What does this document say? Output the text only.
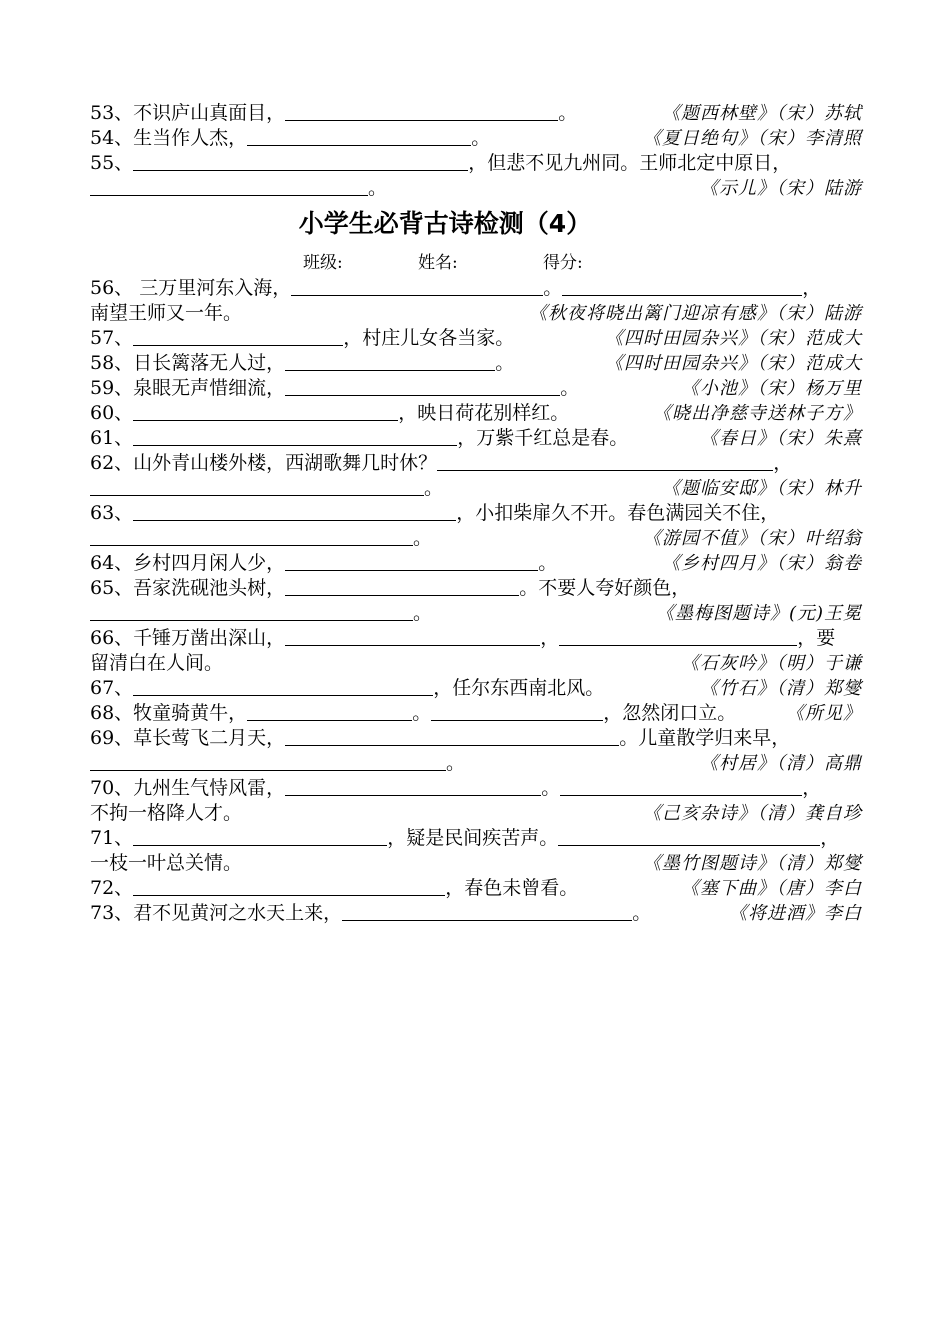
53、不识庐山真面目，	。	《题西林壁》（宋）苏轼
54、生当作人杰，	。	《夏日绝句》（宋）李清照
55、	，但悲不见九州同。王师北定中原日，
。	《示儿》（宋）陆游
小学生必背古诗检测（4）
班级:	姓名:	得分:
56、 三万里河东入海，	。	，
南望王师又一年。	《秋夜将晓出篱门迎凉有感》（宋）陆游
57、	，村庄儿女各当家。	《四时田园杂兴》（宋）范成大
58、日长篱落无人过，	。	《四时田园杂兴》（宋）范成大
59、泉眼无声惜细流，	。	《小池》（宋）杨万里
60、	，映日荷花别样红。	《晓出净慈寺送林子方》
61、	，万紫千红总是春。	《春日》（宋）朱熹
62、山外青山楼外楼，西湖歌舞几时休？	，
。	《题临安邸》（宋）林升
63、	，小扣柴扉久不开。春色满园关不住，
。	《游园不值》（宋）叶绍翁
64、乡村四月闲人少，	。	《乡村四月》（宋）翁卷
65、吾家洗砚池头树，	。不要人夸好颜色，
。	《墨梅图题诗》(元)王冕
66、千锤万凿出深山，	，	，要
留清白在人间。	《石灰吟》（明）于谦
67、	，任尔东西南北风。	《竹石》（清）郑燮
68、牧童骑黄牛，	。	，忽然闭口立。	《所见》
69、草长莺飞二月天，	。儿童散学归来早，
。	《村居》（清）高鼎
70、九州生气恃风雷，	。	，
不拘一格降人才。	《己亥杂诗》（清）龚自珍
71、	，疑是民间疾苦声。	，
一枝一叶总关情。	《墨竹图题诗》（清）郑燮
72、	，春色未曾看。	《塞下曲》（唐）李白
73、君不见黄河之水天上来，	。	《将进酒》李白
